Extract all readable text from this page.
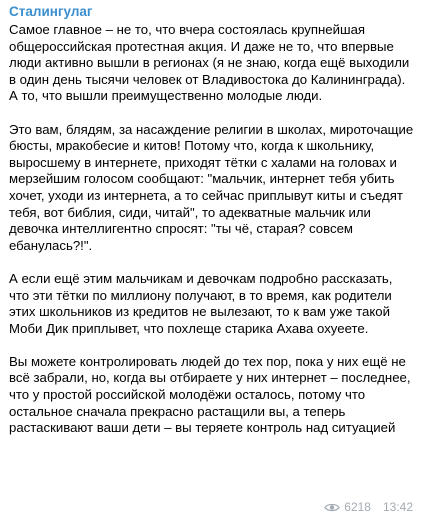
Сталингулаг

Самое главное – не то, что вчера состоялась крупнейшая общероссийская протестная акция. И даже не то, что впервые люди активно вышли в регионах (я не знаю, когда ещё выходили в один день тысячи человек от Владивостока до Калининграда). А то, что вышли преимущественно молодые люди.

Это вам, блядям, за насаждение религии в школах, мироточащие бюсты, мракобесие и китов! Потому что, когда к школьнику, выросшему в интернете, приходят тётки с халами на головах и мерзейшим голосом сообщают: "мальчик, интернет тебя убить хочет, уходи из интернета, а то сейчас приплывут киты и съедят тебя, вот библия, сиди, читай", то адекватные мальчик или девочка интеллигентно спросят: "ты чё, старая? совсем ебанулась?!".

А если ещё этим мальчикам и девочкам подробно рассказать, что эти тётки по миллиону получают, в то время, как родители этих школьников из кредитов не вылезают, то к вам уже такой Моби Дик приплывет, что похлеще старика Ахава охуеете.

Вы можете контролировать людей до тех пор, пока у них ещё не всё забрали, но, когда вы отбираете у них интернет – последнее, что у простой российской молодёжи осталось, потому что остальное сначала прекрасно растащили вы, а теперь растаскивают ваши дети – вы теряете контроль над ситуацией

6218 13:42
